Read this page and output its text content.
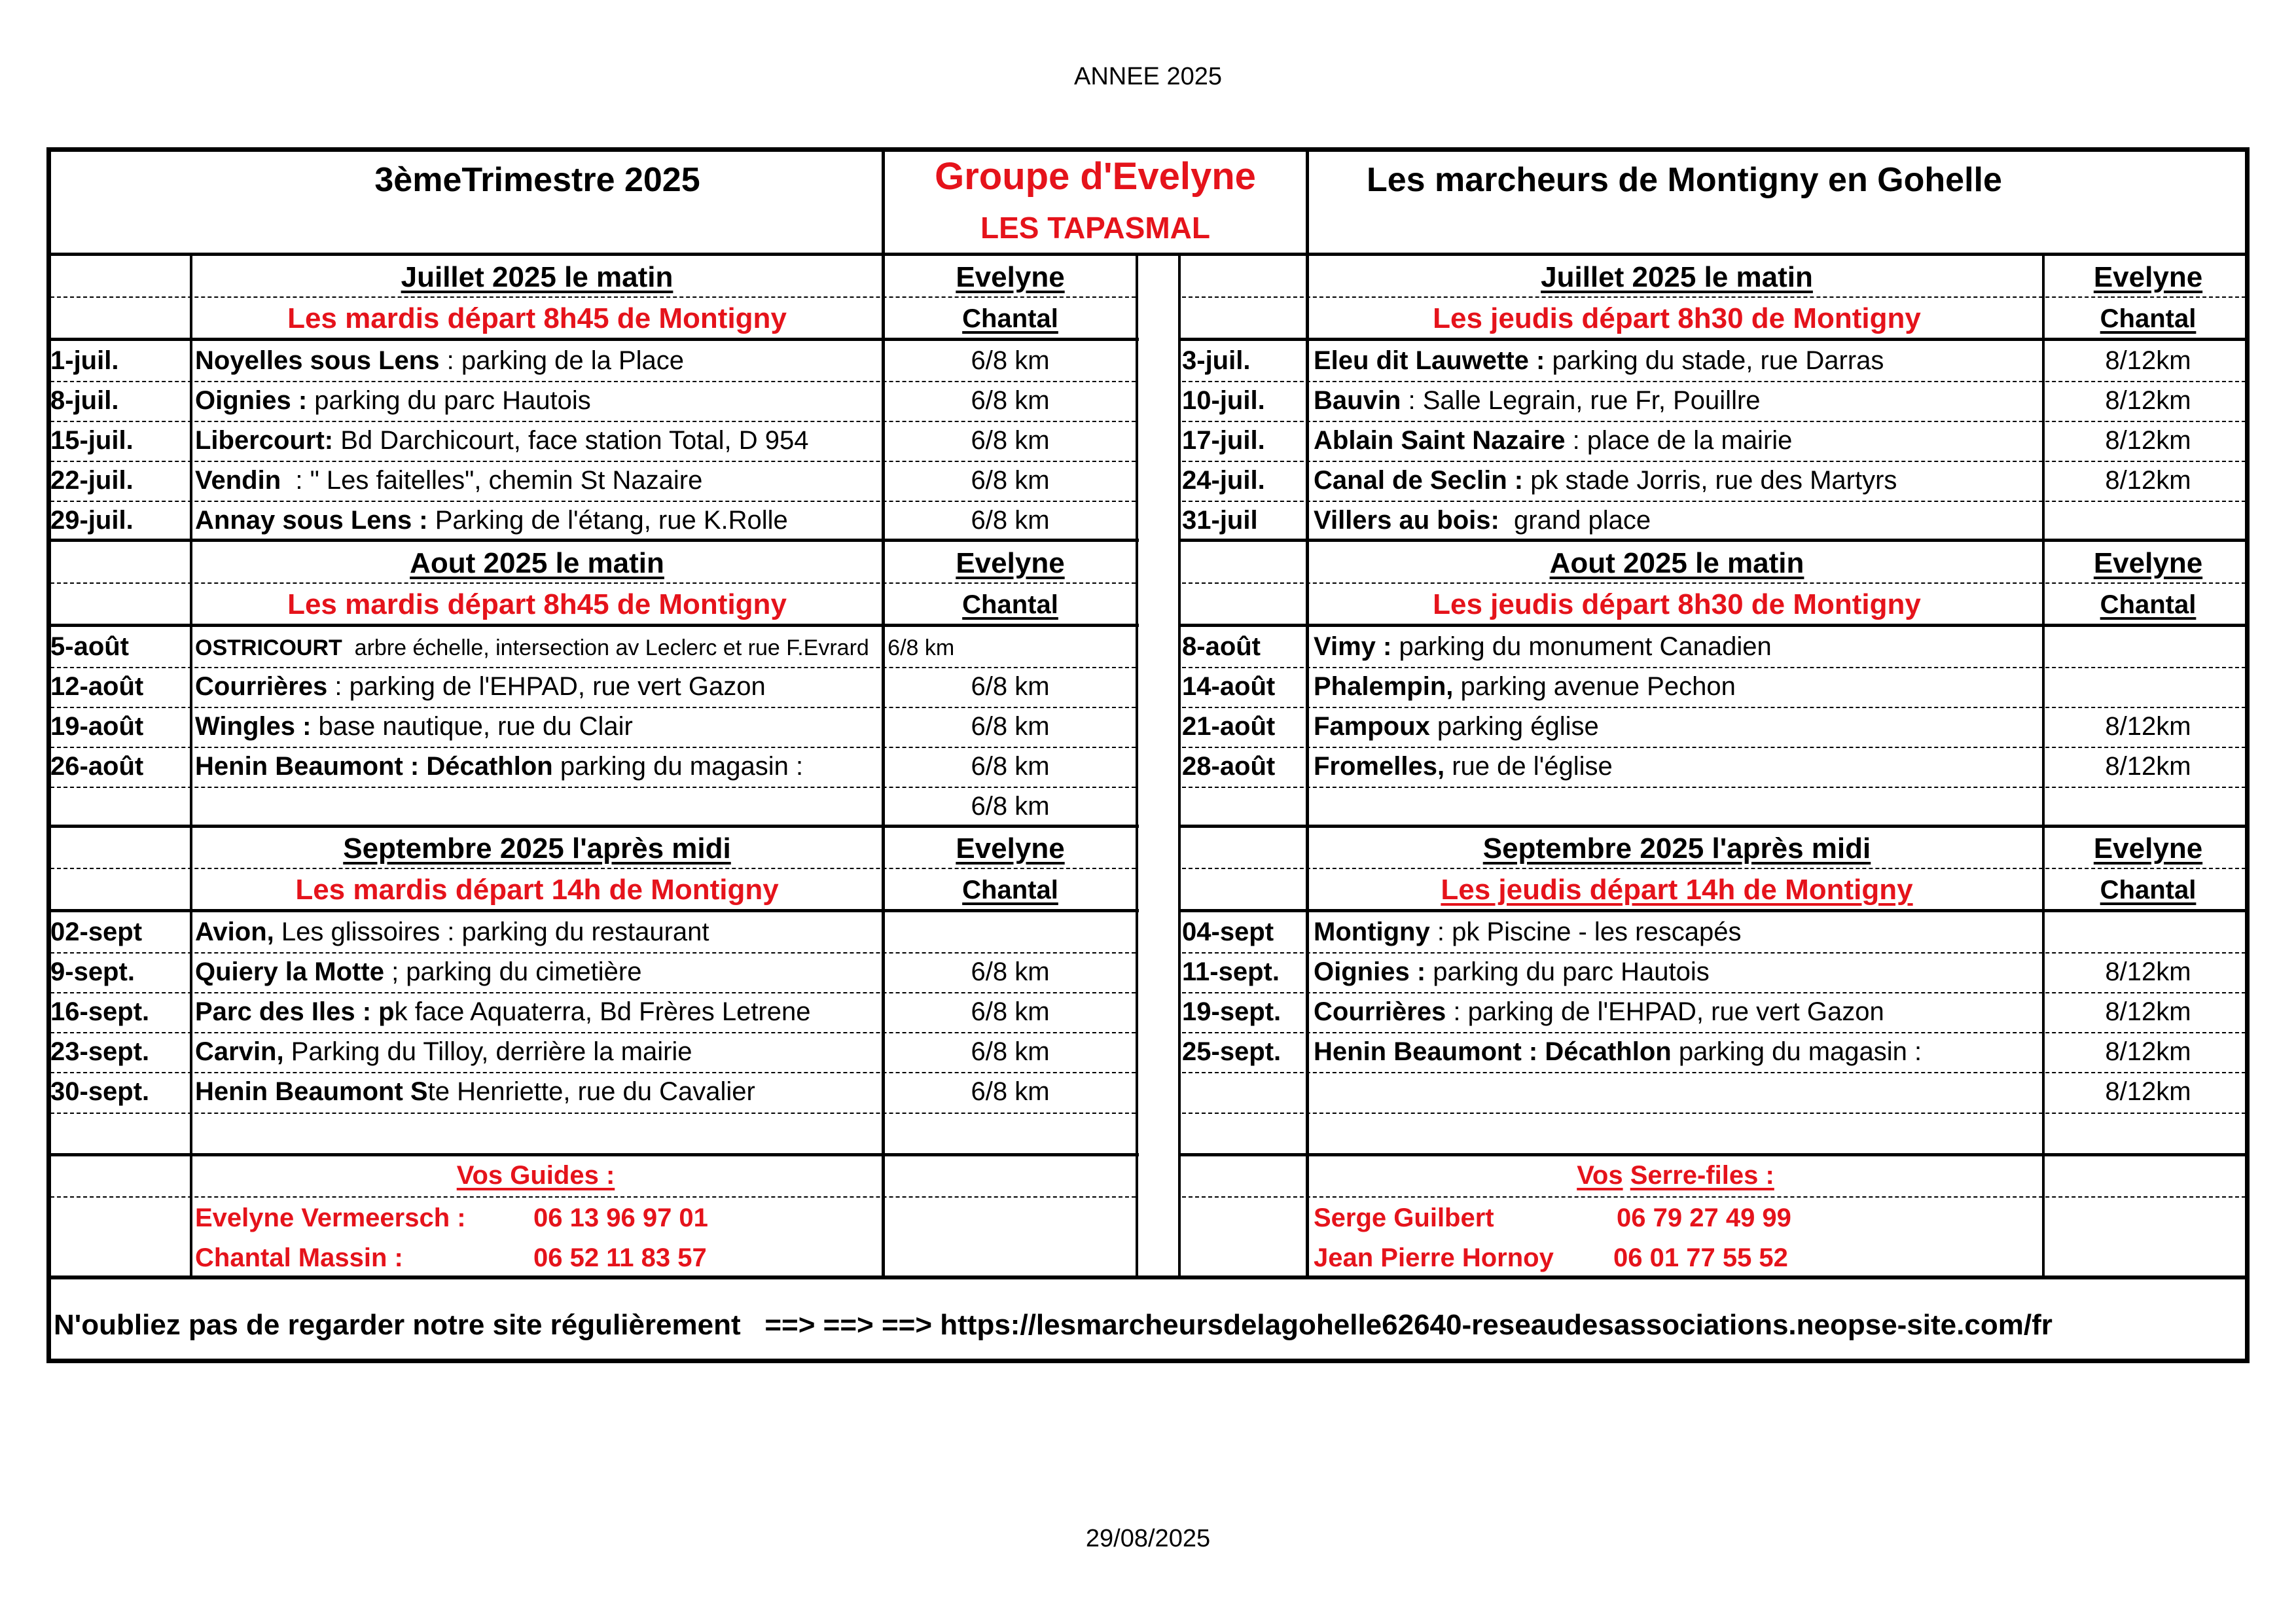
ANNEE 2025
29/08/2025
3èmeTrimestre 2025	Groupe d'Evelyne
LES TAPASMAL
Les marcheurs de Montigny en Gohelle
Juillet 2025 le matin
Les mardis départ 8h45 de Montigny
Evelyne
Chantal
1-juil.	Noyelles sous Lens : parking de la Place	6/8 km
8-juil.	Oignies : parking du parc Hautois	6/8 km
15-juil. Libercourt: Bd Darchicourt, face station Total, D 954	6/8 km
22-juil. Vendin  : " Les faitelles", chemin St Nazaire	6/8 km
29-juil. Annay sous Lens : Parking de l'étang, rue K.Rolle	6/8 km
Juillet 2025 le matin
Les jeudis départ 8h30 de Montigny
Evelyne
Chantal
3-juil. Eleu dit Lauwette : parking du stade, rue Darras	8/12km
10-juil. Bauvin : Salle Legrain, rue Fr, Pouillre	8/12km
17-juil. Ablain Saint Nazaire : place de la mairie	8/12km
24-juil. Canal de Seclin : pk stade Jorris, rue des Martyrs	8/12km
31-juil Villers au bois:  grand place
Aout 2025 le matin
Les mardis départ 8h45 de Montigny
Evelyne
Chantal
5-août	OSTRICOURT  arbre échelle, intersection av Leclerc et rue F.Evrard   6/8 km
12-août Courrières : parking de l'EHPAD, rue vert Gazon	6/8 km
19-août Wingles : base nautique, rue du Clair	6/8 km
26-août Henin Beaumont : Décathlon parking du magasin :	6/8 km
6/8 km
Aout 2025 le matin
Les jeudis départ 8h30 de Montigny
Evelyne
Chantal
8-août Vimy : parking du monument Canadien
14-août Phalempin, parking avenue Pechon
21-août Fampoux parking église	8/12km
28-août Fromelles, rue de l'église	8/12km
Septembre 2025 l'après midi
Les mardis départ 14h de Montigny
Evelyne
Chantal
02-sept Avion, Les glissoires : parking du restaurant
9-sept. Quiery la Motte ; parking du cimetière	6/8 km
16-sept. Parc des Iles : pk face Aquaterra, Bd Frères Letrene	6/8 km
23-sept. Carvin, Parking du Tilloy, derrière la mairie	6/8 km
30-sept. Henin Beaumont Ste Henriette, rue du Cavalier	6/8 km
Septembre 2025 l'après midi
Les jeudis départ 14h de Montigny
Evelyne
Chantal
04-sept Montigny : pk Piscine - les rescapés
11-sept. Oignies : parking du parc Hautois	8/12km
19-sept. Courrières : parking de l'EHPAD, rue vert Gazon	8/12km
25-sept. Henin Beaumont : Décathlon parking du magasin :	8/12km
8/12km
Vos Guides :
Evelyne Vermeersch :	06 13 96 97 01
Chantal Massin :	06 52 11 83 57
Vos Serre-files :
Serge Guilbert	06 79 27 49 99
Jean Pierre Hornoy 06 01 77 55 52
N'oubliez pas de regarder notre site régulièrement ==> ==> ==> https://lesmarcheursdelagohelle62640-reseaudesassociations.neopse-site.com/fr
